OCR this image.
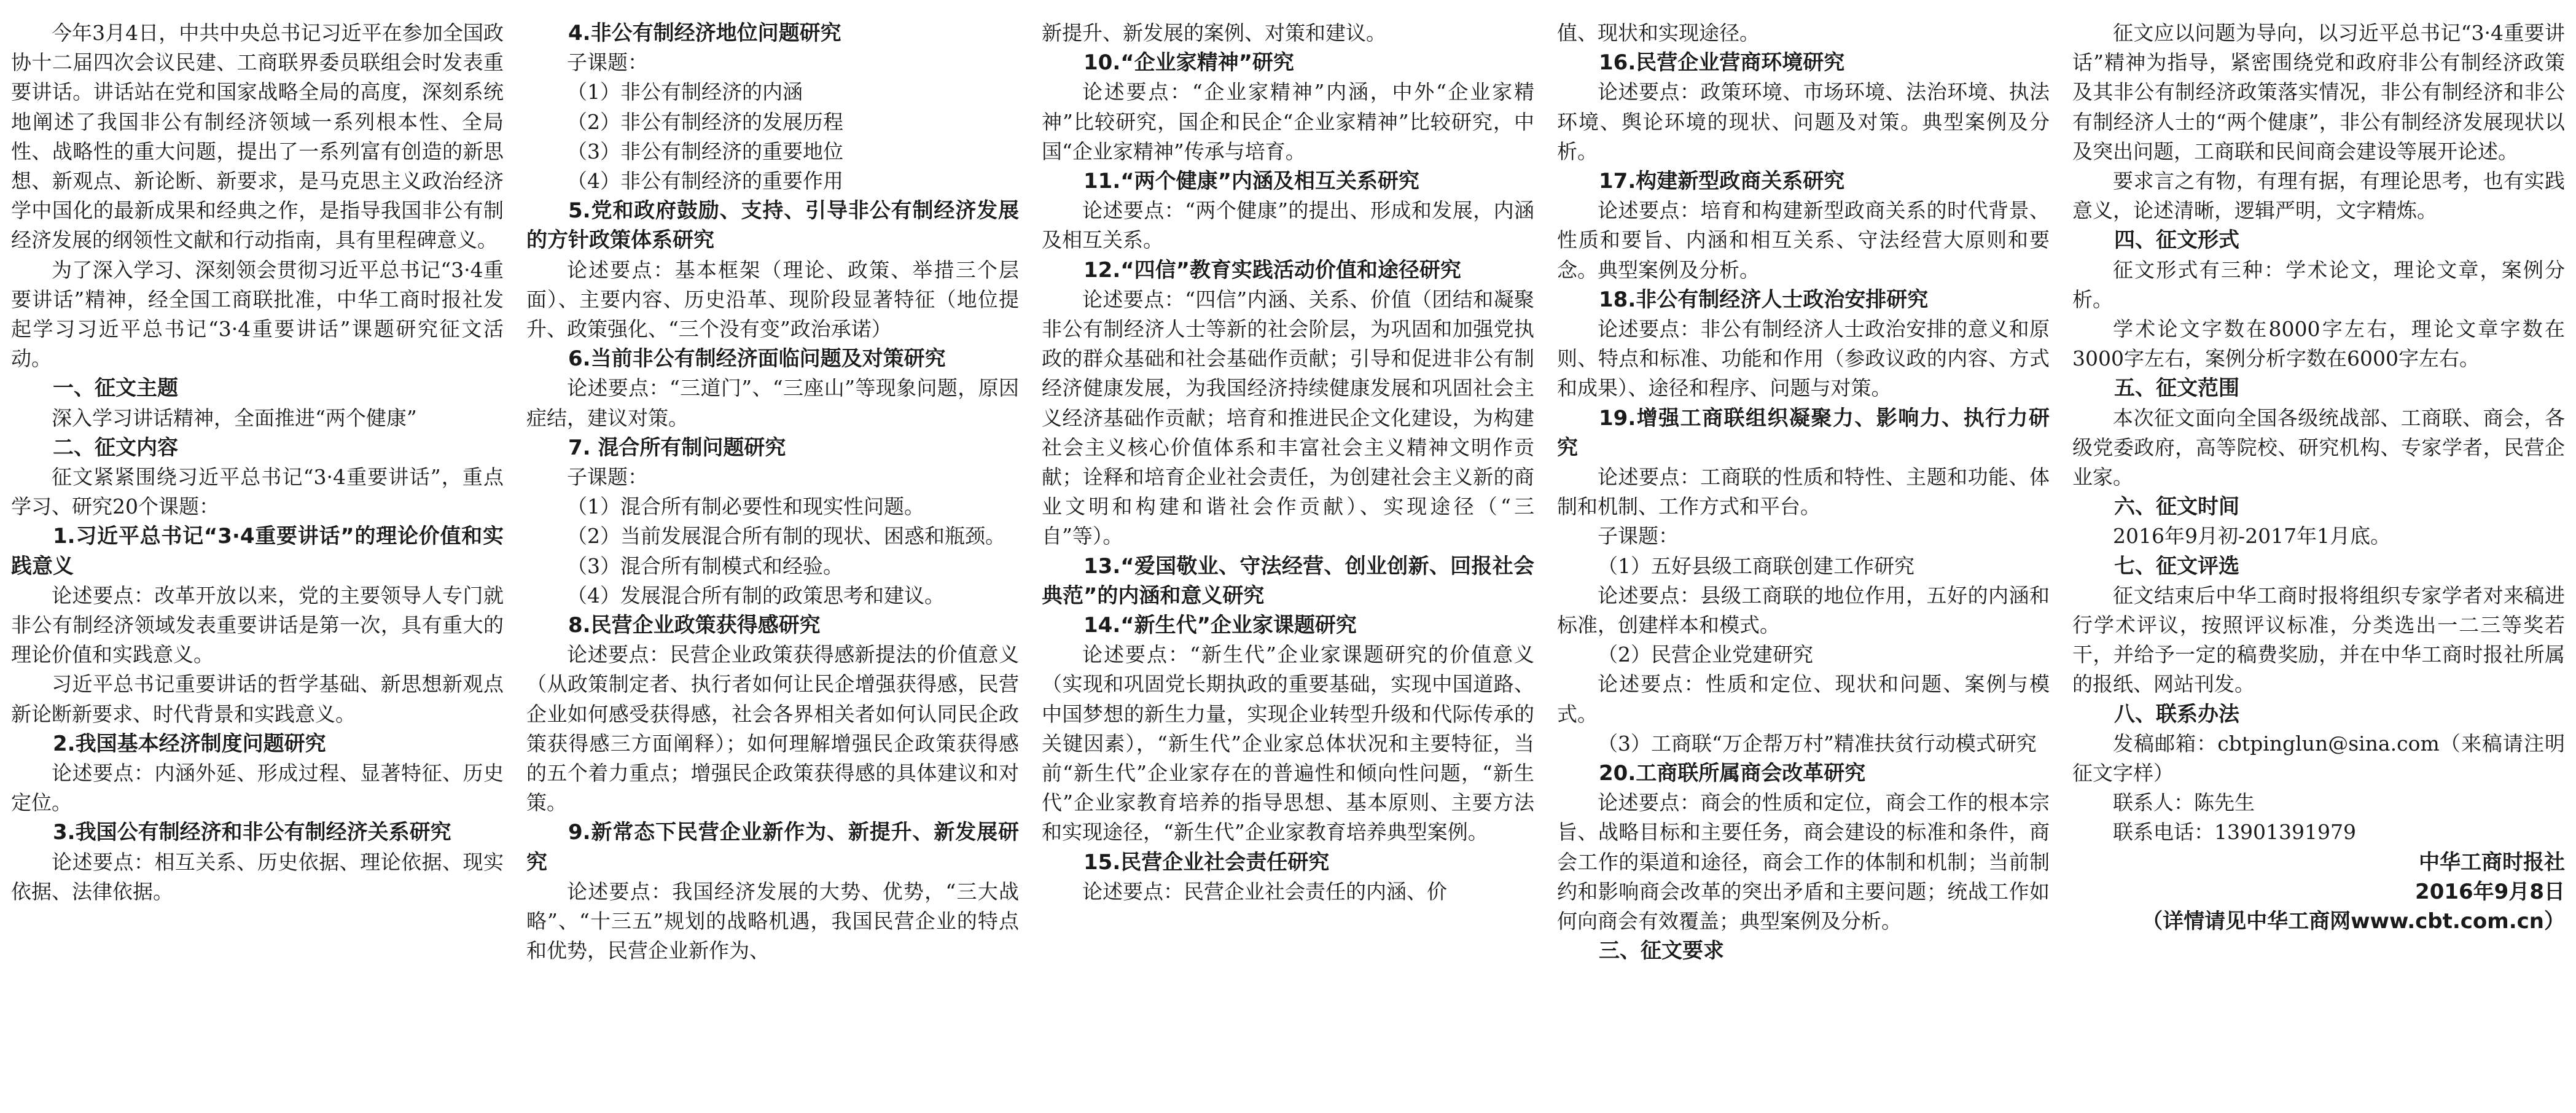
今年3月4日，中共中央总书记习近平在参加全国政协十二届四次会议民建、工商联界委员联组会时发表重要讲话。讲话站在党和国家战略全局的高度，深刻系统地阐述了我国非公有制经济领域一系列根本性、全局性、战略性的重大问题，提出了一系列富有创造的新思想、新观点、新论断、新要求，是马克思主义政治经济学中国化的最新成果和经典之作，是指导我国非公有制经济发展的纲领性文献和行动指南，具有里程碑意义。

为了深入学习、深刻领会贯彻习近平总书记“3·4重要讲话”精神，经全国工商联批准，中华工商时报社发起学习习近平总书记“3·4重要讲话”课题研究征文活动。

一、征文主题

深入学习讲话精神，全面推进“两个健康”

二、征文内容

征文紧紧围绕习近平总书记“3·4重要讲话”，重点学习、研究20个课题：

1.习近平总书记“3·4重要讲话”的理论价值和实践意义

论述要点：改革开放以来，党的主要领导人专门就非公有制经济领域发表重要讲话是第一次，具有重大的理论价值和实践意义。

习近平总书记重要讲话的哲学基础、新思想新观点新论断新要求、时代背景和实践意义。

2.我国基本经济制度问题研究

论述要点：内涵外延、形成过程、显著特征、历史定位。

3.我国公有制经济和非公有制经济关系研究

论述要点：相互关系、历史依据、理论依据、现实依据、法律依据。

4.非公有制经济地位问题研究

子课题：

（1）非公有制经济的内涵

（2）非公有制经济的发展历程

（3）非公有制经济的重要地位

（4）非公有制经济的重要作用

5.党和政府鼓励、支持、引导非公有制经济发展的方针政策体系研究

论述要点：基本框架（理论、政策、举措三个层面）、主要内容、历史沿革、现阶段显著特征（地位提升、政策强化、“三个没有变”政治承诺）

6.当前非公有制经济面临问题及对策研究

论述要点：“三道门”、“三座山”等现象问题，原因症结，建议对策。

7. 混合所有制问题研究

子课题：

（1）混合所有制必要性和现实性问题。

（2）当前发展混合所有制的现状、困惑和瓶颈。

（3）混合所有制模式和经验。

（4）发展混合所有制的政策思考和建议。

8.民营企业政策获得感研究

论述要点：民营企业政策获得感新提法的价值意义（从政策制定者、执行者如何让民企增强获得感，民营企业如何感受获得感，社会各界相关者如何认同民企政策获得感三方面阐释）；如何理解增强民企政策获得感的五个着力重点；增强民企政策获得感的具体建议和对策。

9.新常态下民营企业新作为、新提升、新发展研究

论述要点：我国经济发展的大势、优势，“三大战略”、“十三五”规划的战略机遇，我国民营企业的特点和优势，民营企业新作为、

新提升、新发展的案例、对策和建议。

10.“企业家精神”研究

论述要点：“企业家精神”内涵，中外“企业家精神”比较研究，国企和民企“企业家精神”比较研究，中国“企业家精神”传承与培育。

11.“两个健康”内涵及相互关系研究

论述要点：“两个健康”的提出、形成和发展，内涵及相互关系。

12.“四信”教育实践活动价值和途径研究

论述要点：“四信”内涵、关系、价值（团结和凝聚非公有制经济人士等新的社会阶层，为巩固和加强党执政的群众基础和社会基础作贡献；引导和促进非公有制经济健康发展，为我国经济持续健康发展和巩固社会主义经济基础作贡献；培育和推进民企文化建设，为构建社会主义核心价值体系和丰富社会主义精神文明作贡献；诠释和培育企业社会责任，为创建社会主义新的商业文明和构建和谐社会作贡献）、实现途径（“三自”等）。

13.“爱国敬业、守法经营、创业创新、回报社会典范”的内涵和意义研究

14.“新生代”企业家课题研究

论述要点：“新生代”企业家课题研究的价值意义（实现和巩固党长期执政的重要基础，实现中国道路、中国梦想的新生力量，实现企业转型升级和代际传承的关键因素），“新生代”企业家总体状况和主要特征，当前“新生代”企业家存在的普遍性和倾向性问题，“新生代”企业家教育培养的指导思想、基本原则、主要方法和实现途径，“新生代”企业家教育培养典型案例。

15.民营企业社会责任研究

论述要点：民营企业社会责任的内涵、价

值、现状和实现途径。

16.民营企业营商环境研究

论述要点：政策环境、市场环境、法治环境、执法环境、舆论环境的现状、问题及对策。典型案例及分析。

17.构建新型政商关系研究

论述要点：培育和构建新型政商关系的时代背景、性质和要旨、内涵和相互关系、守法经营大原则和要念。典型案例及分析。

18.非公有制经济人士政治安排研究

论述要点：非公有制经济人士政治安排的意义和原则、特点和标准、功能和作用（参政议政的内容、方式和成果）、途径和程序、问题与对策。

19.增强工商联组织凝聚力、影响力、执行力研究

论述要点：工商联的性质和特性、主题和功能、体制和机制、工作方式和平台。

子课题：

（1）五好县级工商联创建工作研究

论述要点：县级工商联的地位作用，五好的内涵和标准，创建样本和模式。

（2）民营企业党建研究

论述要点：性质和定位、现状和问题、案例与模式。

（3）工商联“万企帮万村”精准扶贫行动模式研究

20.工商联所属商会改革研究

论述要点：商会的性质和定位，商会工作的根本宗旨、战略目标和主要任务，商会建设的标准和条件，商会工作的渠道和途径，商会工作的体制和机制；当前制约和影响商会改革的突出矛盾和主要问题；统战工作如何向商会有效覆盖；典型案例及分析。

三、征文要求

征文应以问题为导向，以习近平总书记“3·4重要讲话”精神为指导，紧密围绕党和政府非公有制经济政策及其非公有制经济政策落实情况，非公有制经济和非公有制经济人士的“两个健康”，非公有制经济发展现状以及突出问题，工商联和民间商会建设等展开论述。

要求言之有物，有理有据，有理论思考，也有实践意义，论述清晰，逻辑严明，文字精炼。

四、征文形式

征文形式有三种：学术论文，理论文章，案例分析。

学术论文字数在8000字左右，理论文章字数在3000字左右，案例分析字数在6000字左右。

五、征文范围

本次征文面向全国各级统战部、工商联、商会，各级党委政府，高等院校、研究机构、专家学者，民营企业家。

六、征文时间

2016年9月初-2017年1月底。

七、征文评选

征文结束后中华工商时报将组织专家学者对来稿进行学术评议，按照评议标准，分类选出一二三等奖若干，并给予一定的稿费奖励，并在中华工商时报社所属的报纸、网站刊发。

八、联系办法

发稿邮箱：cbtpinglun@sina.com（来稿请注明征文字样）

联系人：陈先生

联系电话：13901391979

中华工商时报社

2016年9月8日

（详情请见中华工商网www.cbt.com.cn）
